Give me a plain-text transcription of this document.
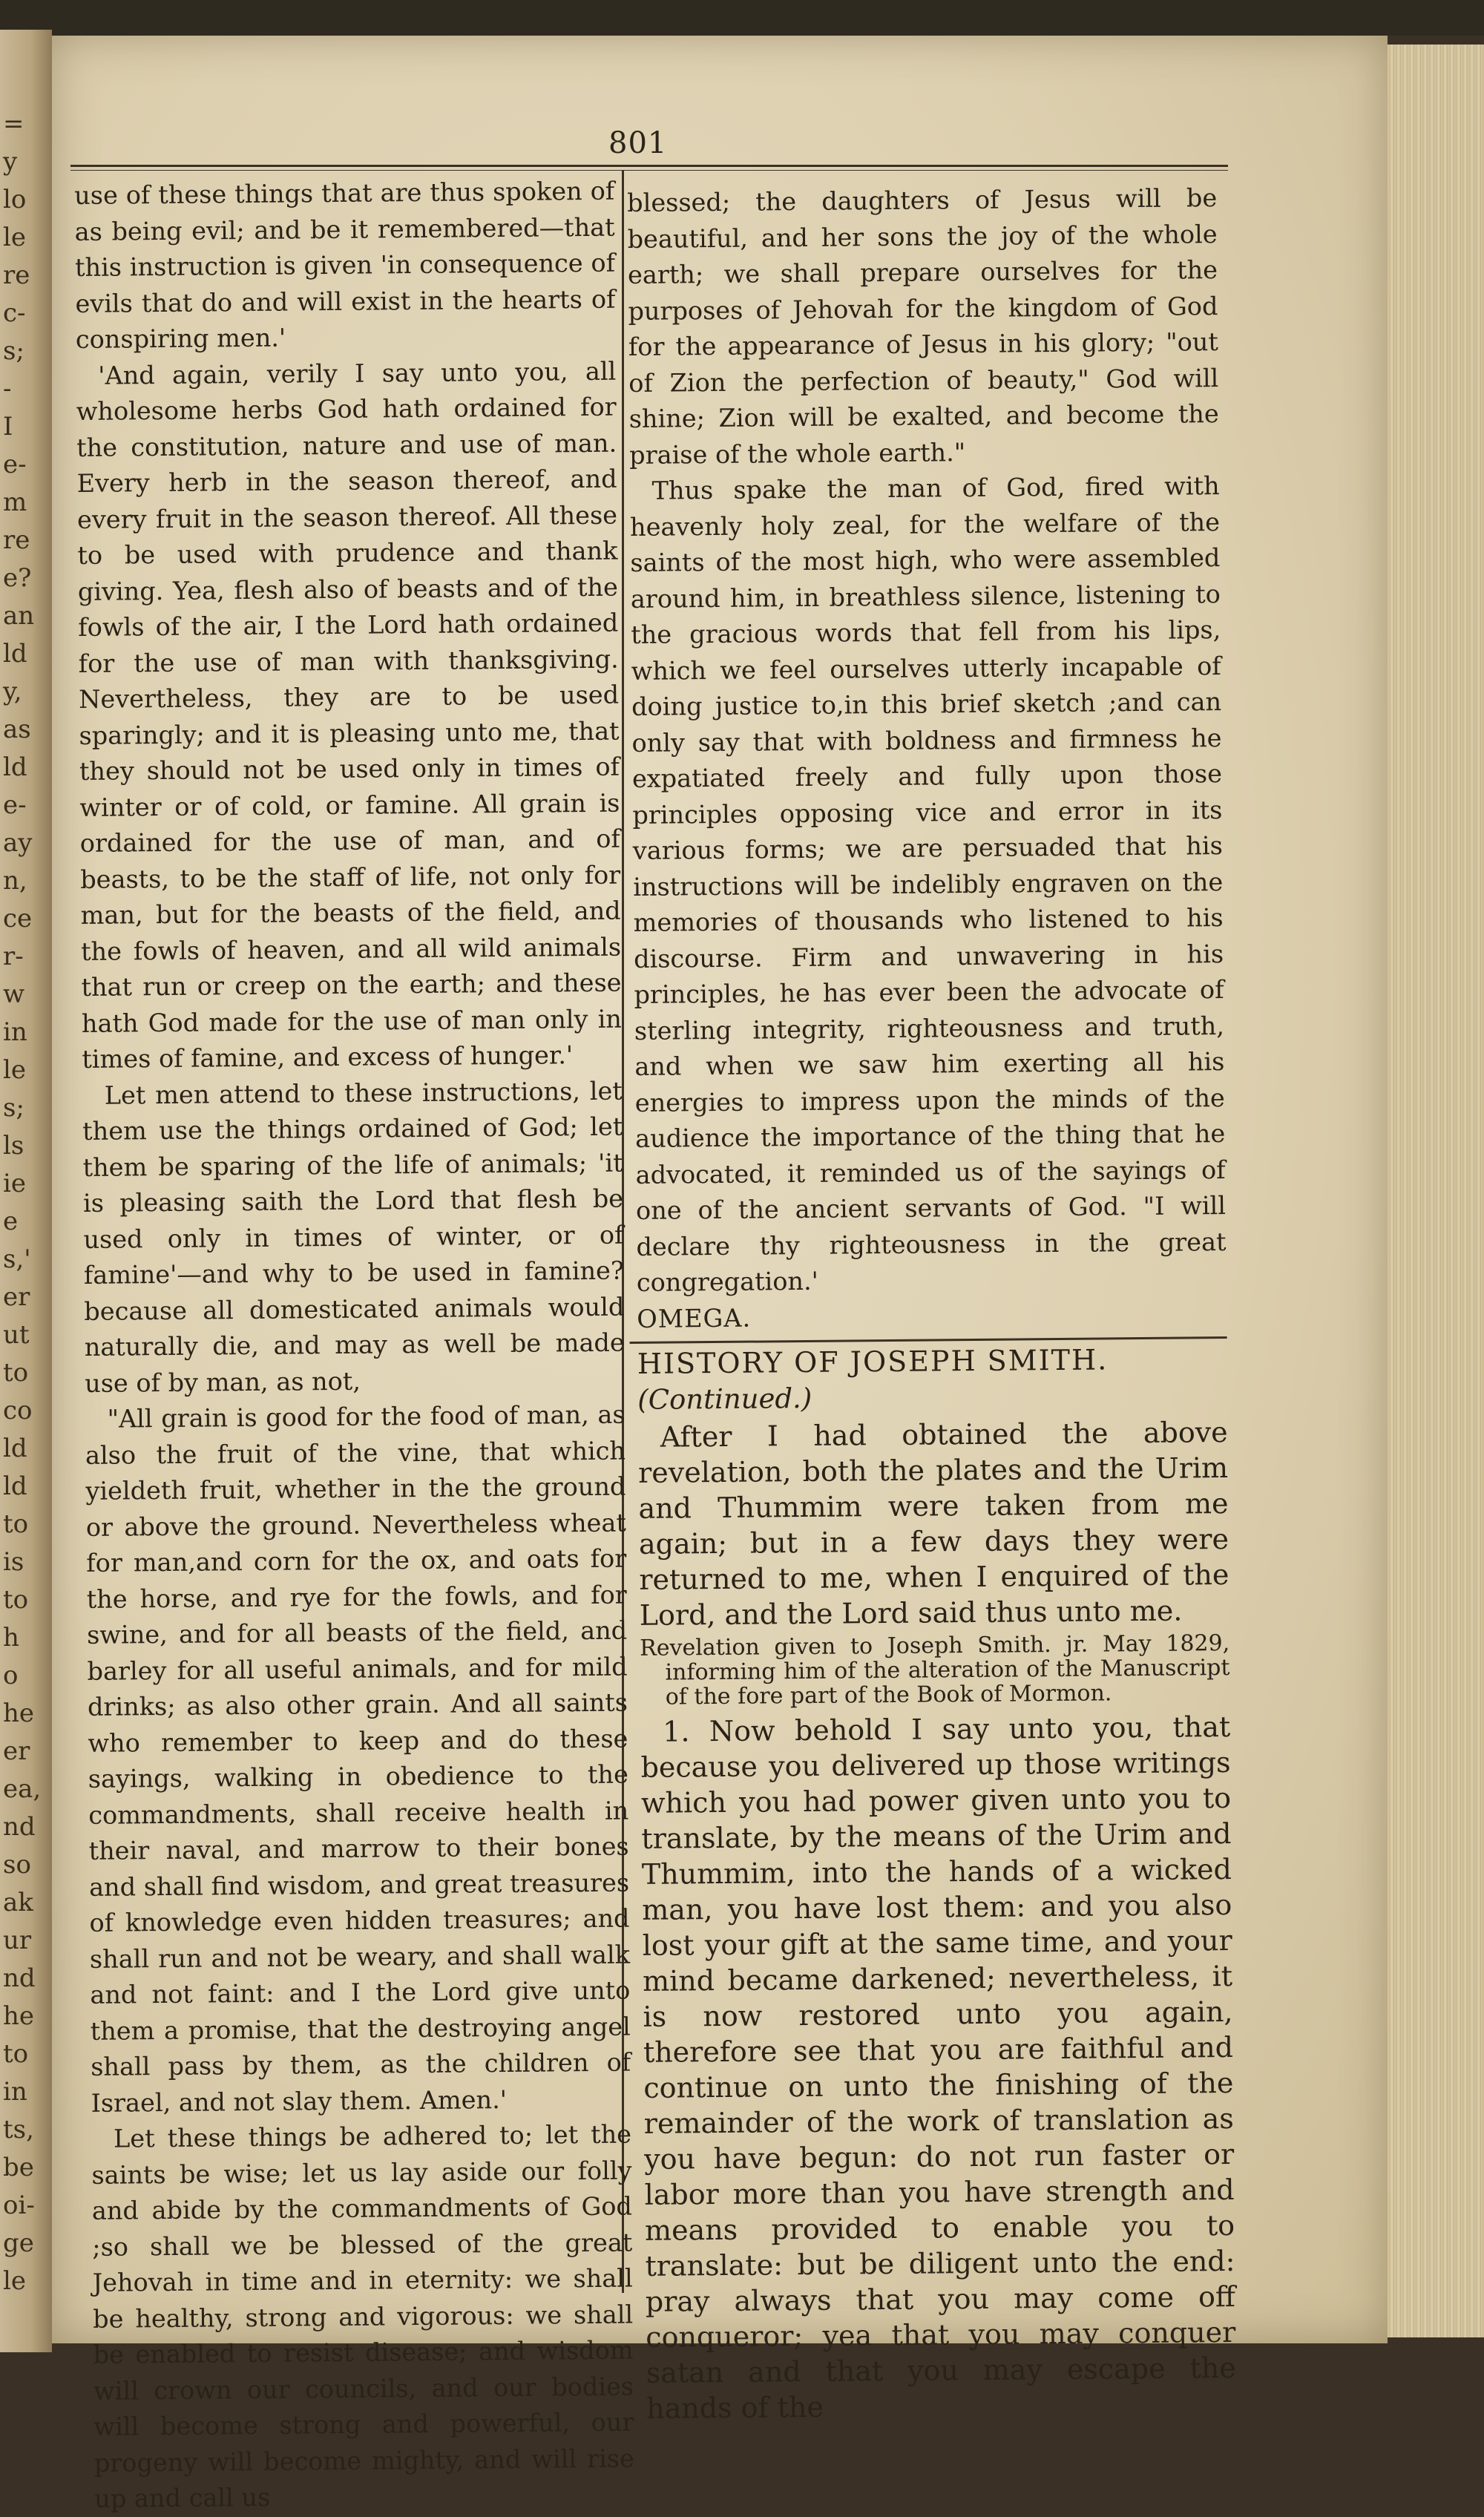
=
y
lo
le
re
c-
s;
-
I
e-
m
re
e?
an
ld
y,
as
ld
e-
ay
n,
ce
r-
w
in
le
s;
ls
ie
e
s,'
er
ut
to
co
ld
ld
to
is
to
h
o
he
er
ea,
nd
so
ak
ur
nd
he
to
in
ts,
be
oi-
ge
le
801

use of these things that are thus spoken of as being evil; and be it remembered—that this instruction is given 'in consequence of evils that do and will exist in the hearts of conspiring men.'

'And again, verily I say unto you, all wholesome herbs God hath ordained for the constitution, nature and use of man. Every herb in the season thereof, and every fruit in the season thereof. All these to be used with prudence and thank giving. Yea, flesh also of beasts and of the fowls of the air, I the Lord hath ordained for the use of man with thanksgiving. Nevertheless, they are to be used sparingly; and it is pleasing unto me, that they should not be used only in times of winter or of cold, or famine. All grain is ordained for the use of man, and of beasts, to be the staff of life, not only for man, but for the beasts of the field, and the fowls of heaven, and all wild animals that run or creep on the earth; and these hath God made for the use of man only in times of famine, and excess of hunger.'

Let men attend to these instructions, let them use the things ordained of God; let them be sparing of the life of animals; 'it is pleasing saith the Lord that flesh be used only in times of winter, or of famine'—and why to be used in famine? because all domesticated animals would naturally die, and may as well be made use of by man, as not,

"All grain is good for the food of man, as also the fruit of the vine, that which yieldeth fruit, whether in the the ground or above the ground. Nevertheless wheat for man,and corn for the ox, and oats for the horse, and rye for the fowls, and for swine, and for all beasts of the field, and barley for all useful animals, and for mild drinks; as also other grain. And all saints who remember to keep and do these sayings, walking in obedience to the commandments, shall receive health in their naval, and marrow to their bones and shall find wisdom, and great treasures of knowledge even hidden treasures; and shall run and not be weary, and shall walk and not faint: and I the Lord give unto them a promise, that the destroying angel shall pass by them, as the children of Israel, and not slay them. Amen.'

Let these things be adhered to; let the saints be wise; let us lay aside our folly and abide by the commandments of God ;so shall we be blessed of the great Jehovah in time and in eternity: we shall be healthy, strong and vigorous: we shall be enabled to resist disease; and wisdom will crown our councils, and our bodies will become strong and powerful, our progeny will become mighty, and will rise up and call us

blessed; the daughters of Jesus will be beautiful, and her sons the joy of the whole earth; we shall prepare ourselves for the purposes of Jehovah for the kingdom of God for the appearance of Jesus in his glory; "out of Zion the perfection of beauty," God will shine; Zion will be exalted, and become the praise of the whole earth."

Thus spake the man of God, fired with heavenly holy zeal, for the welfare of the saints of the most high, who were assembled around him, in breathless silence, listening to the gracious words that fell from his lips, which we feel ourselves utterly incapable of doing justice to,in this brief sketch ;and can only say that with boldness and firmness he expatiated freely and fully upon those principles opposing vice and error in its various forms; we are persuaded that his instructions will be indelibly engraven on the memories of thousands who listened to his discourse. Firm and unwavering in his principles, he has ever been the advocate of sterling integrity, righteousness and truth, and when we saw him exerting all his energies to impress upon the minds of the audience the importance of the thing that he advocated, it reminded us of the sayings of one of the ancient servants of God. "I will declare thy righteousness in the great congregation.'

OMEGA.

HISTORY OF JOSEPH SMITH.

(Continued.)

After I had obtained the above revelation, both the plates and the Urim and Thummim were taken from me again; but in a few days they were returned to me, when I enquired of the Lord, and the Lord said thus unto me.

Revelation given to Joseph Smith. jr. May 1829, informing him of the alteration of the Manuscript of the fore part of the Book of Mormon.

1. Now behold I say unto you, that because you delivered up those writings which you had power given unto you to translate, by the means of the Urim and Thummim, into the hands of a wicked man, you have lost them: and you also lost your gift at the same time, and your mind became darkened; nevertheless, it is now restored unto you again, therefore see that you are faithful and continue on unto the finishing of the remainder of the work of translation as you have begun: do not run faster or labor more than you have strength and means provided to enable you to translate: but be diligent unto the end: pray always that you may come off conqueror; yea that you may conquer satan and that you may escape the hands of the
